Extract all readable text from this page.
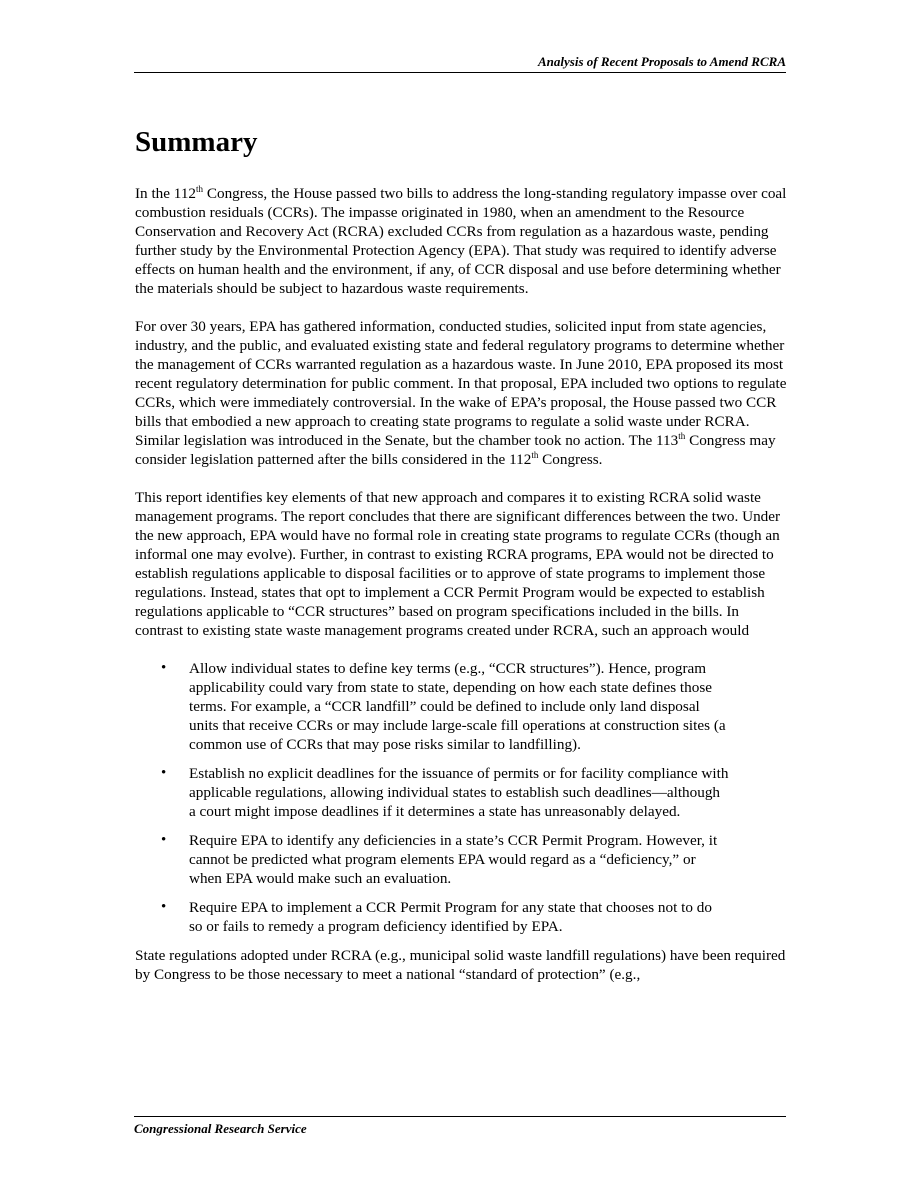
Analysis of Recent Proposals to Amend RCRA
Summary

In the 112th Congress, the House passed two bills to address the long-standing regulatory impasse over coal combustion residuals (CCRs). The impasse originated in 1980, when an amendment to the Resource Conservation and Recovery Act (RCRA) excluded CCRs from regulation as a hazardous waste, pending further study by the Environmental Protection Agency (EPA). That study was required to identify adverse effects on human health and the environment, if any, of CCR disposal and use before determining whether the materials should be subject to hazardous waste requirements.

For over 30 years, EPA has gathered information, conducted studies, solicited input from state agencies, industry, and the public, and evaluated existing state and federal regulatory programs to determine whether the management of CCRs warranted regulation as a hazardous waste. In June 2010, EPA proposed its most recent regulatory determination for public comment. In that proposal, EPA included two options to regulate CCRs, which were immediately controversial. In the wake of EPA’s proposal, the House passed two CCR bills that embodied a new approach to creating state programs to regulate a solid waste under RCRA. Similar legislation was introduced in the Senate, but the chamber took no action. The 113th Congress may consider legislation patterned after the bills considered in the 112th Congress.

This report identifies key elements of that new approach and compares it to existing RCRA solid waste management programs. The report concludes that there are significant differences between the two. Under the new approach, EPA would have no formal role in creating state programs to regulate CCRs (though an informal one may evolve). Further, in contrast to existing RCRA programs, EPA would not be directed to establish regulations applicable to disposal facilities or to approve of state programs to implement those regulations. Instead, states that opt to implement a CCR Permit Program would be expected to establish regulations applicable to “CCR structures” based on program specifications included in the bills. In contrast to existing state waste management programs created under RCRA, such an approach would

• Allow individual states to define key terms (e.g., “CCR structures”). Hence, program applicability could vary from state to state, depending on how each state defines those terms. For example, a “CCR landfill” could be defined to include only land disposal units that receive CCRs or may include large-scale fill operations at construction sites (a common use of CCRs that may pose risks similar to landfilling).
• Establish no explicit deadlines for the issuance of permits or for facility compliance with applicable regulations, allowing individual states to establish such deadlines—although a court might impose deadlines if it determines a state has unreasonably delayed.
• Require EPA to identify any deficiencies in a state’s CCR Permit Program. However, it cannot be predicted what program elements EPA would regard as a “deficiency,” or when EPA would make such an evaluation.
• Require EPA to implement a CCR Permit Program for any state that chooses not to do so or fails to remedy a program deficiency identified by EPA.

State regulations adopted under RCRA (e.g., municipal solid waste landfill regulations) have been required by Congress to be those necessary to meet a national “standard of protection” (e.g.,

Congressional Research Service
